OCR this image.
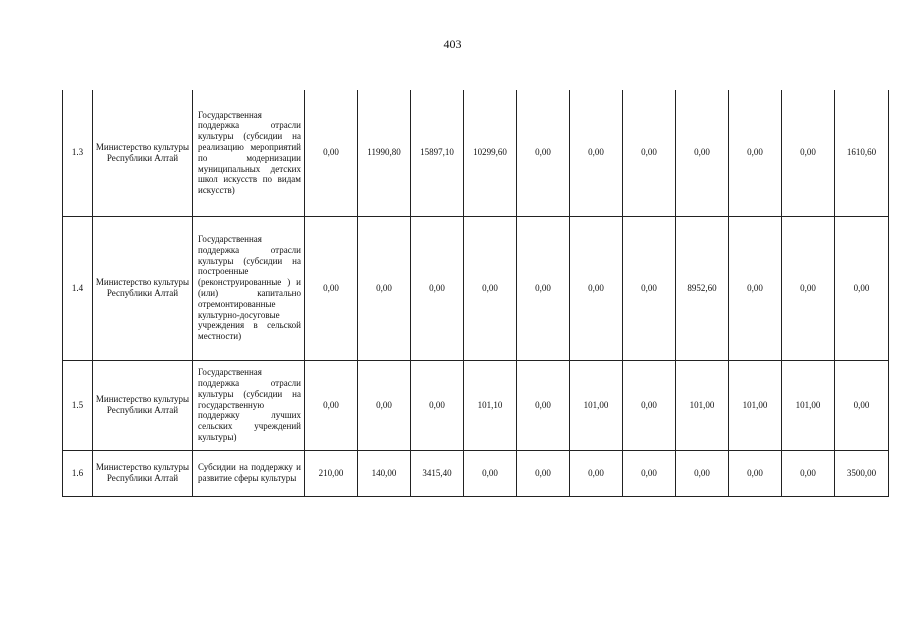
403
1.3	Министерство культуры Республики Алтай	Государственная поддержка отрасли культуры (субсидии на реализацию мероприятий по модернизации муниципальных детских школ искусств по видам искусств)	0,00	11990,80	15897,10	10299,60	0,00	0,00	0,00	0,00	0,00	0,00	1610,60
1.4	Министерство культуры Республики Алтай	Государственная поддержка отрасли культуры (субсидии на построенные (реконструированные ) и (или) капитально отремонтированные культурно-досуговые учреждения в сельской местности)	0,00	0,00	0,00	0,00	0,00	0,00	0,00	8952,60	0,00	0,00	0,00
1.5	Министерство культуры Республики Алтай	Государственная поддержка отрасли культуры (субсидии на государственную поддержку лучших сельских учреждений культуры)	0,00	0,00	0,00	101,10	0,00	101,00	0,00	101,00	101,00	101,00	0,00
1.6	Министерство культуры Республики Алтай	Субсидии на поддержку и развитие сферы культуры	210,00	140,00	3415,40	0,00	0,00	0,00	0,00	0,00	0,00	0,00	3500,00
